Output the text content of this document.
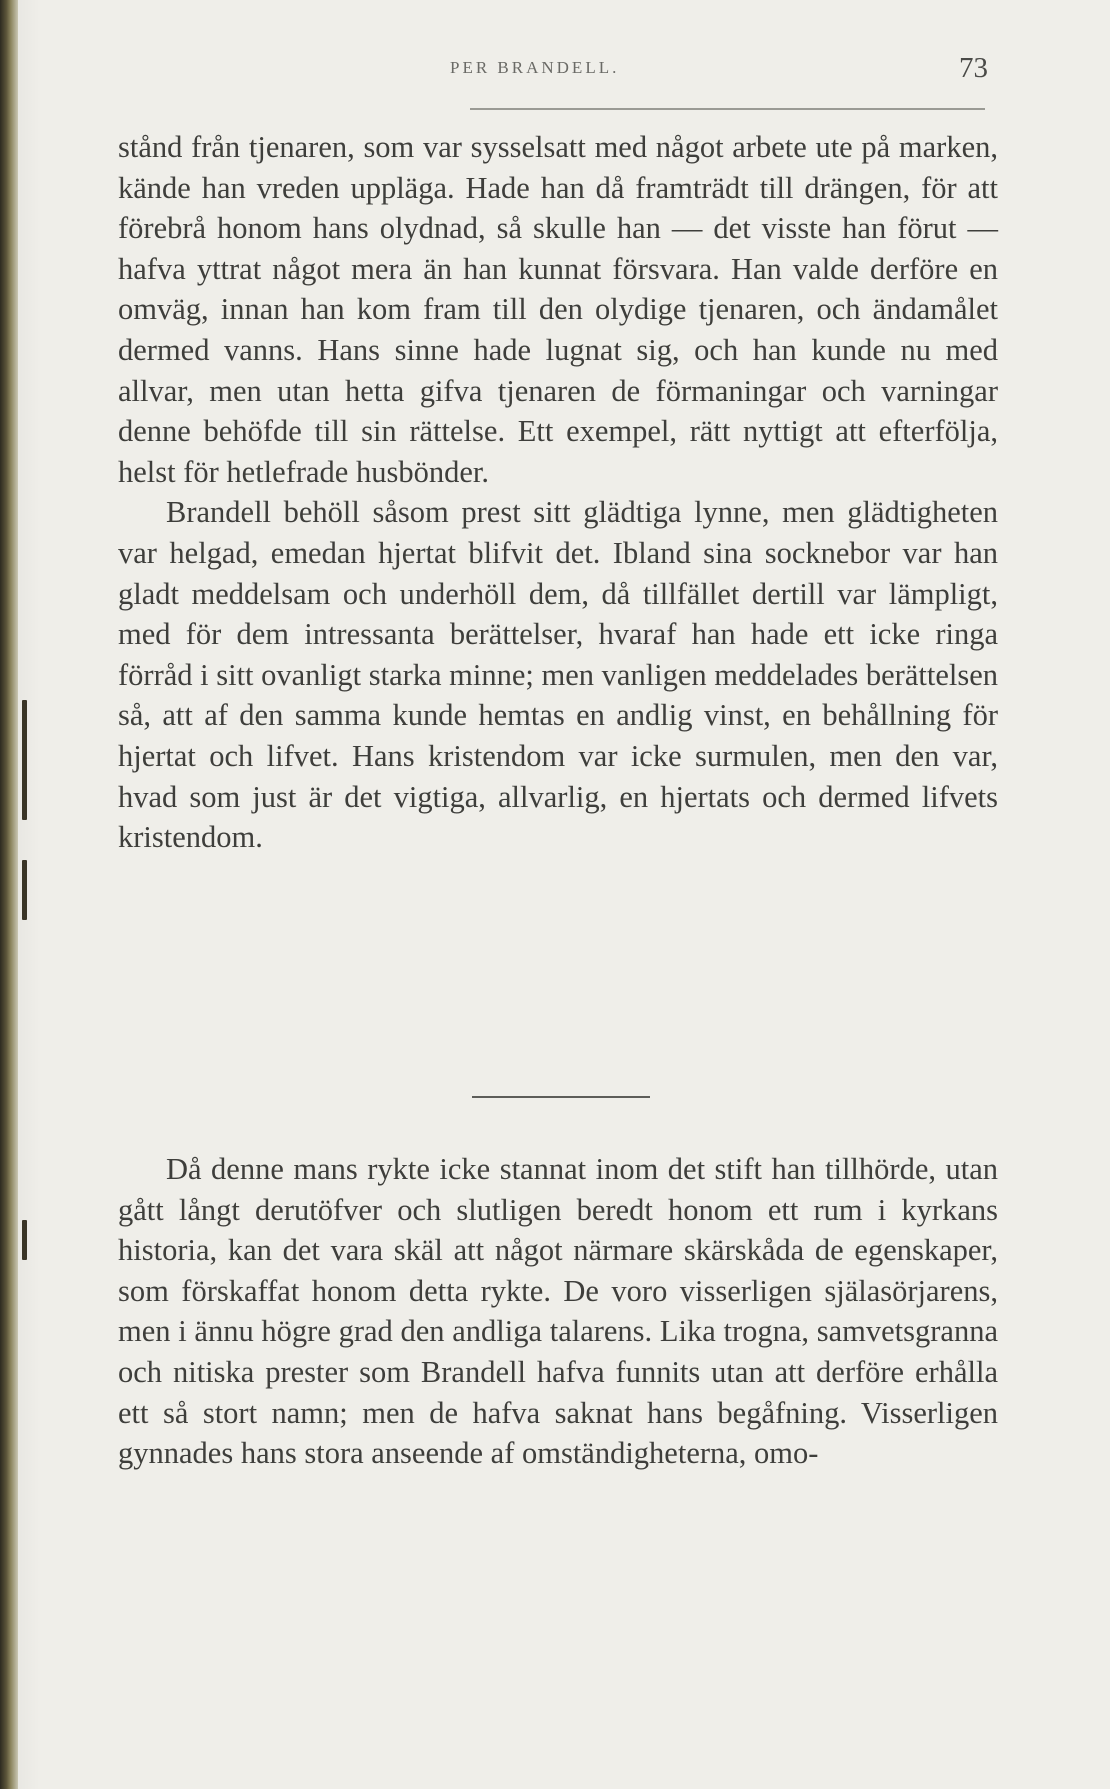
PER BRANDELL.	73

stånd från tjenaren, som var sysselsatt med något arbete ute på marken, kände han vreden uppläga. Hade han då framträdt till drängen, för att förebrå honom hans olydnad, så skulle han — det visste han förut — hafva yttrat något mera än han kunnat försvara. Han valde derföre en omväg, innan han kom fram till den olydige tjenaren, och ändamålet dermed vanns. Hans sinne hade lugnat sig, och han kunde nu med allvar, men utan hetta gifva tjenaren de förmaningar och varningar denne behöfde till sin rättelse. Ett exempel, rätt nyttigt att efterfölja, helst för hetlefrade husbönder.

Brandell behöll såsom prest sitt glädtiga lynne, men glädtigheten var helgad, emedan hjertat blifvit det. Ibland sina socknebor var han gladt meddelsam och underhöll dem, då tillfället dertill var lämpligt, med för dem intressanta berättelser, hvaraf han hade ett icke ringa förråd i sitt ovanligt starka minne; men vanligen meddelades berättelsen så, att af den samma kunde hemtas en andlig vinst, en behållning för hjertat och lifvet. Hans kristendom var icke surmulen, men den var, hvad som just är det vigtiga, allvarlig, en hjertats och dermed lifvets kristendom.

Då denne mans rykte icke stannat inom det stift han tillhörde, utan gått långt derutöfver och slutligen beredt honom ett rum i kyrkans historia, kan det vara skäl att något närmare skärskåda de egenskaper, som förskaffat honom detta rykte. De voro visserligen själasörjarens, men i ännu högre grad den andliga talarens. Lika trogna, samvetsgranna och nitiska prester som Brandell hafva funnits utan att derföre erhålla ett så stort namn; men de hafva saknat hans begåfning. Visserligen gynnades hans stora anseende af omständigheterna, omo-
